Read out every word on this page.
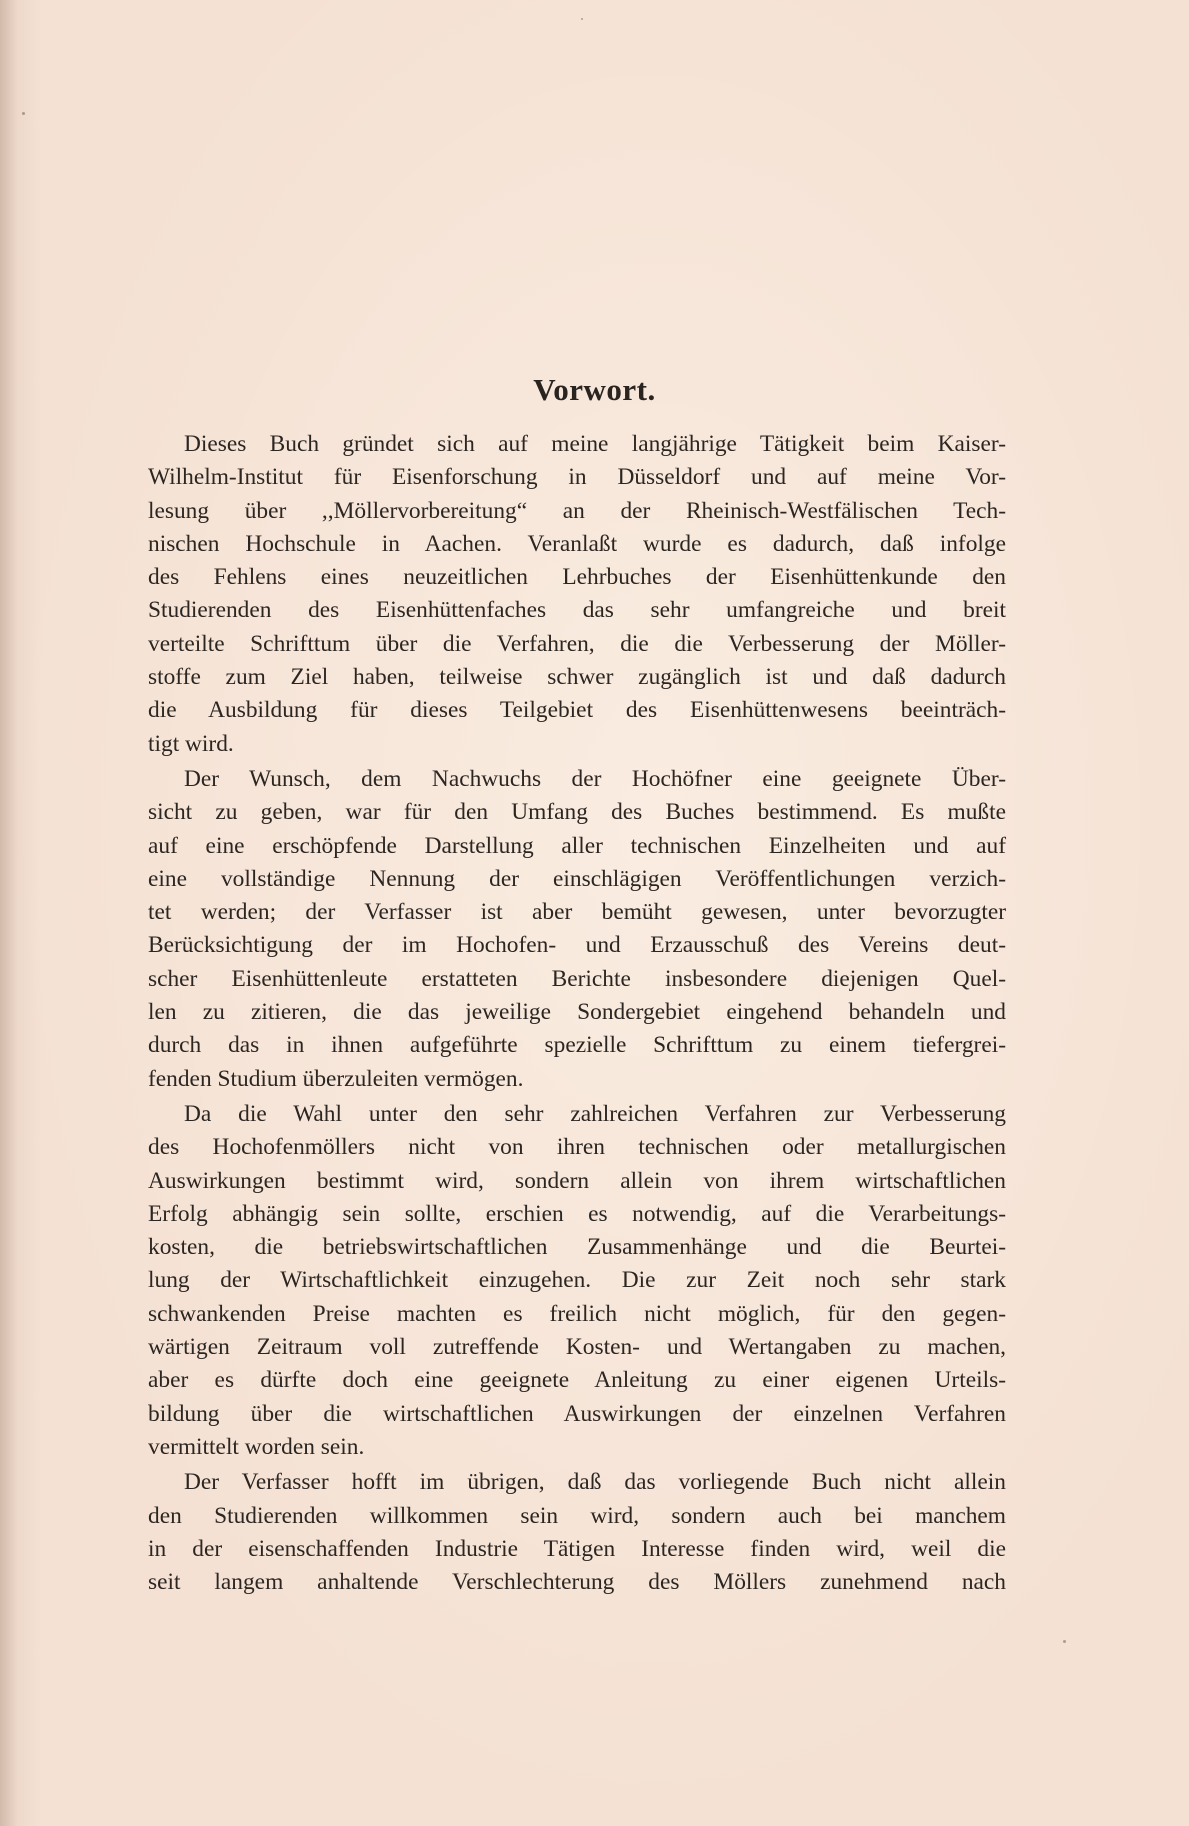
Vorwort.
Dieses Buch gründet sich auf meine langjährige Tätigkeit beim Kaiser-
Wilhelm-Institut für Eisenforschung in Düsseldorf und auf meine Vor-
lesung über ,,Möllervorbereitung“ an der Rheinisch-Westfälischen Tech-
nischen Hochschule in Aachen. Veranlaßt wurde es dadurch, daß infolge
des Fehlens eines neuzeitlichen Lehrbuches der Eisenhüttenkunde den
Studierenden des Eisenhüttenfaches das sehr umfangreiche und breit
verteilte Schrifttum über die Verfahren, die die Verbesserung der Möller-
stoffe zum Ziel haben, teilweise schwer zugänglich ist und daß dadurch
die Ausbildung für dieses Teilgebiet des Eisenhüttenwesens beeinträch-
tigt wird.
Der Wunsch, dem Nachwuchs der Hochöfner eine geeignete Über-
sicht zu geben, war für den Umfang des Buches bestimmend. Es mußte
auf eine erschöpfende Darstellung aller technischen Einzelheiten und auf
eine vollständige Nennung der einschlägigen Veröffentlichungen verzich-
tet werden; der Verfasser ist aber bemüht gewesen, unter bevorzugter
Berücksichtigung der im Hochofen- und Erzausschuß des Vereins deut-
scher Eisenhüttenleute erstatteten Berichte insbesondere diejenigen Quel-
len zu zitieren, die das jeweilige Sondergebiet eingehend behandeln und
durch das in ihnen aufgeführte spezielle Schrifttum zu einem tiefergrei-
fenden Studium überzuleiten vermögen.
Da die Wahl unter den sehr zahlreichen Verfahren zur Verbesserung
des Hochofenmöllers nicht von ihren technischen oder metallurgischen
Auswirkungen bestimmt wird, sondern allein von ihrem wirtschaftlichen
Erfolg abhängig sein sollte, erschien es notwendig, auf die Verarbeitungs-
kosten, die betriebswirtschaftlichen Zusammenhänge und die Beurtei-
lung der Wirtschaftlichkeit einzugehen. Die zur Zeit noch sehr stark
schwankenden Preise machten es freilich nicht möglich, für den gegen-
wärtigen Zeitraum voll zutreffende Kosten- und Wertangaben zu machen,
aber es dürfte doch eine geeignete Anleitung zu einer eigenen Urteils-
bildung über die wirtschaftlichen Auswirkungen der einzelnen Verfahren
vermittelt worden sein.
Der Verfasser hofft im übrigen, daß das vorliegende Buch nicht allein
den Studierenden willkommen sein wird, sondern auch bei manchem
in der eisenschaffenden Industrie Tätigen Interesse finden wird, weil die
seit langem anhaltende Verschlechterung des Möllers zunehmend nach
